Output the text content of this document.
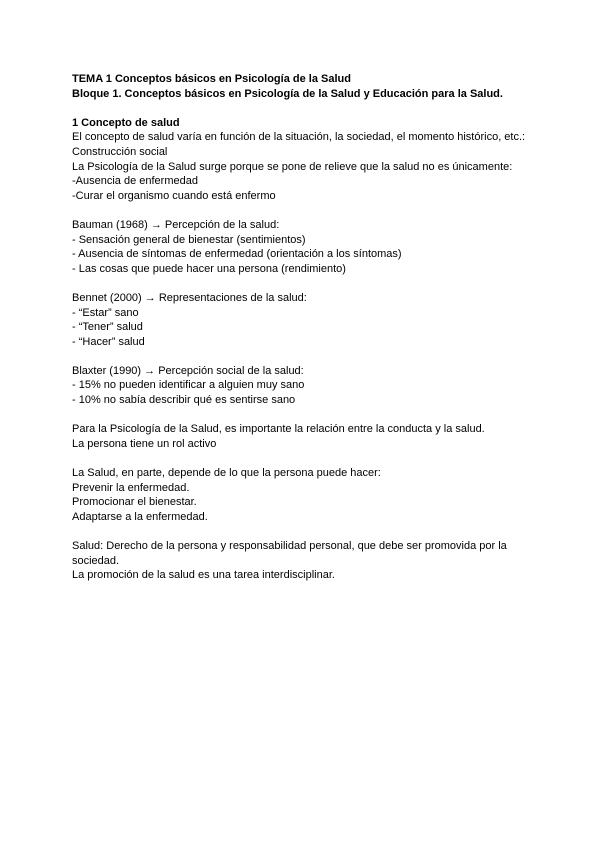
TEMA 1 Conceptos básicos en Psicología de la Salud

Bloque 1. Conceptos básicos en Psicología de la Salud y Educación para la Salud.

1 Concepto de salud

El concepto de salud varía en función de la situación, la sociedad, el momento histórico, etc.: Construcción social

La Psicología de la Salud surge porque se pone de relieve que la salud no es únicamente:

-Ausencia de enfermedad

-Curar el organismo cuando está enfermo

Bauman (1968) → Percepción de la salud:

- Sensación general de bienestar (sentimientos)

- Ausencia de síntomas de enfermedad (orientación a los síntomas)

- Las cosas que puede hacer una persona (rendimiento)

Bennet (2000) → Representaciones de la salud:

- “Estar” sano

- “Tener” salud

- “Hacer” salud

Blaxter (1990) → Percepción social de la salud:

- 15% no pueden identificar a alguien muy sano

- 10% no sabía describir qué es sentirse sano

Para la Psicología de la Salud, es importante la relación entre la conducta y la salud.

La persona tiene un rol activo

La Salud, en parte, depende de lo que la persona puede hacer:

Prevenir la enfermedad.

Promocionar el bienestar.

Adaptarse a la enfermedad.

Salud: Derecho de la persona y responsabilidad personal, que debe ser promovida por la sociedad.

La promoción de la salud es una tarea interdisciplinar.
